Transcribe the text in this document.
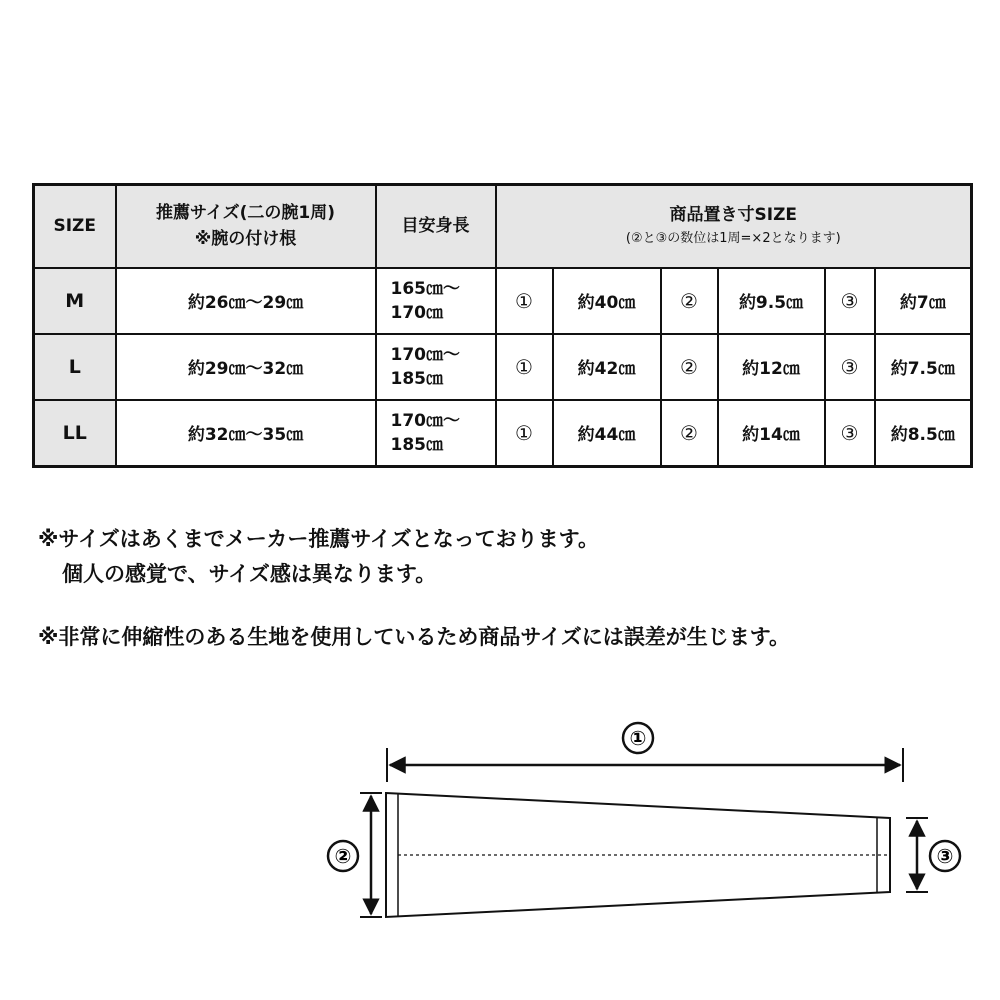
SIZE	推薦サイズ(二の腕1周)
※腕の付け根	目安身長	商品置き寸SIZE
(②と③の数位は1周=×2となります)					

M	約26㎝〜29㎝	165㎝〜
170㎝	①	約40㎝	②	約9.5㎝	③	約7㎝
L	約29㎝〜32㎝	170㎝〜
185㎝	①	約42㎝	②	約12㎝	③	約7.5㎝
LL	約32㎝〜35㎝	170㎝〜
185㎝	①	約44㎝	②	約14㎝	③	約8.5㎝
※サイズはあくまでメーカー推薦サイズとなっております。
個人の感覚で、サイズ感は異なります。
※非常に伸縮性のある生地を使用しているため商品サイズには誤差が生じます。
①
②	③
